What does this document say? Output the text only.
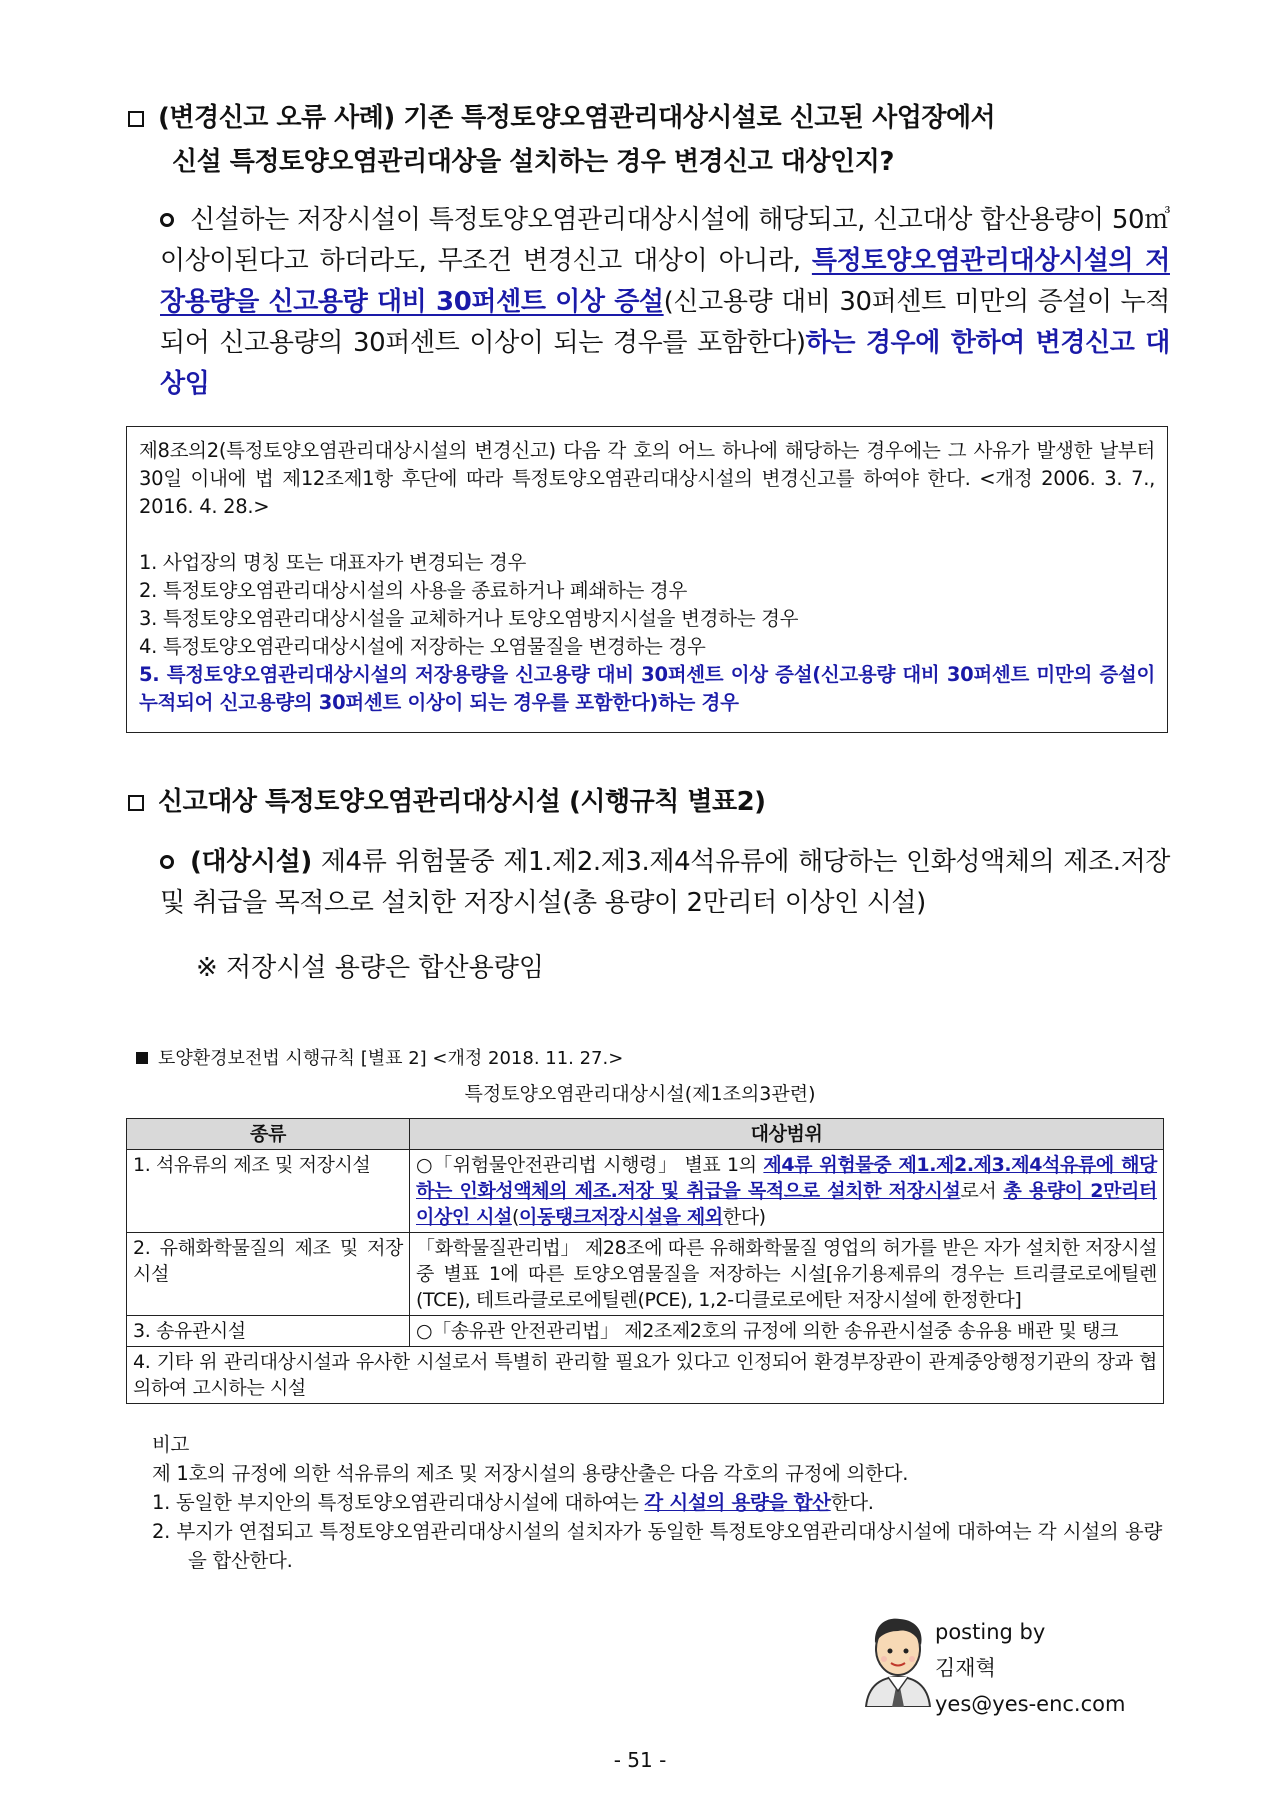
(변경신고 오류 사례) 기존 특정토양오염관리대상시설로 신고된 사업장에서
신설 특정토양오염관리대상을 설치하는 경우 변경신고 대상인지?
신설하는 저장시설이 특정토양오염관리대상시설에 해당되고, 신고대상 합산용량이 50㎥ 이상이된다고 하더라도, 무조건 변경신고 대상이 아니라, 특정토양오염관리대상시설의 저장용량을 신고용량 대비 30퍼센트 이상 증설(신고용량 대비 30퍼센트 미만의 증설이 누적되어 신고용량의 30퍼센트 이상이 되는 경우를 포함한다)하는 경우에 한하여 변경신고 대상임

제8조의2(특정토양오염관리대상시설의 변경신고) 다음 각 호의 어느 하나에 해당하는 경우에는 그 사유가 발생한 날부터 30일 이내에 법 제12조제1항 후단에 따라 특정토양오염관리대상시설의 변경신고를 하여야 한다. <개정 2006. 3. 7., 2016. 4. 28.>

1. 사업장의 명칭 또는 대표자가 변경되는 경우

2. 특정토양오염관리대상시설의 사용을 종료하거나 폐쇄하는 경우

3. 특정토양오염관리대상시설을 교체하거나 토양오염방지시설을 변경하는 경우

4. 특정토양오염관리대상시설에 저장하는 오염물질을 변경하는 경우

5. 특정토양오염관리대상시설의 저장용량을 신고용량 대비 30퍼센트 이상 증설(신고용량 대비 30퍼센트 미만의 증설이 누적되어 신고용량의 30퍼센트 이상이 되는 경우를 포함한다)하는 경우

신고대상 특정토양오염관리대상시설 (시행규칙 별표2)
(대상시설) 제4류 위험물중 제1.제2.제3.제4석유류에 해당하는 인화성액체의 제조.저장 및 취급을 목적으로 설치한 저장시설(총 용량이 2만리터 이상인 시설)
※ 저장시설 용량은 합산용량임
토양환경보전법 시행규칙 [별표 2] <개정 2018. 11. 27.>
특정토양오염관리대상시설(제1조의3관련)
종류	대상범위
1. 석유류의 제조 및 저장시설	○「위험물안전관리법 시행령」 별표 1의 제4류 위험물중 제1.제2.제3.제4석유류에 해당하는 인화성액체의 제조.저장 및 취급을 목적으로 설치한 저장시설로서 총 용량이 2만리터 이상인 시설(이동탱크저장시설을 제외한다)
2. 유해화학물질의 제조 및 저장시설	「화학물질관리법」 제28조에 따른 유해화학물질 영업의 허가를 받은 자가 설치한 저장시설 중 별표 1에 따른 토양오염물질을 저장하는 시설[유기용제류의 경우는 트리클로로에틸렌(TCE), 테트라클로로에틸렌(PCE), 1,2-디클로로에탄 저장시설에 한정한다]
3. 송유관시설	○「송유관 안전관리법」 제2조제2호의 규정에 의한 송유관시설중 송유용 배관 및 탱크
4. 기타 위 관리대상시설과 유사한 시설로서 특별히 관리할 필요가 있다고 인정되어 환경부장관이 관계중앙행정기관의 장과 협의하여 고시하는 시설	

비고

제 1호의 규정에 의한 석유류의 제조 및 저장시설의 용량산출은 다음 각호의 규정에 의한다.

1. 동일한 부지안의 특정토양오염관리대상시설에 대하여는 각 시설의 용량을 합산한다.

2. 부지가 연접되고 특정토양오염관리대상시설의 설치자가 동일한 특정토양오염관리대상시설에 대하여는 각 시설의 용량을 합산한다.

posting by
김재혁
yes@yes-enc.com
- 51 -
